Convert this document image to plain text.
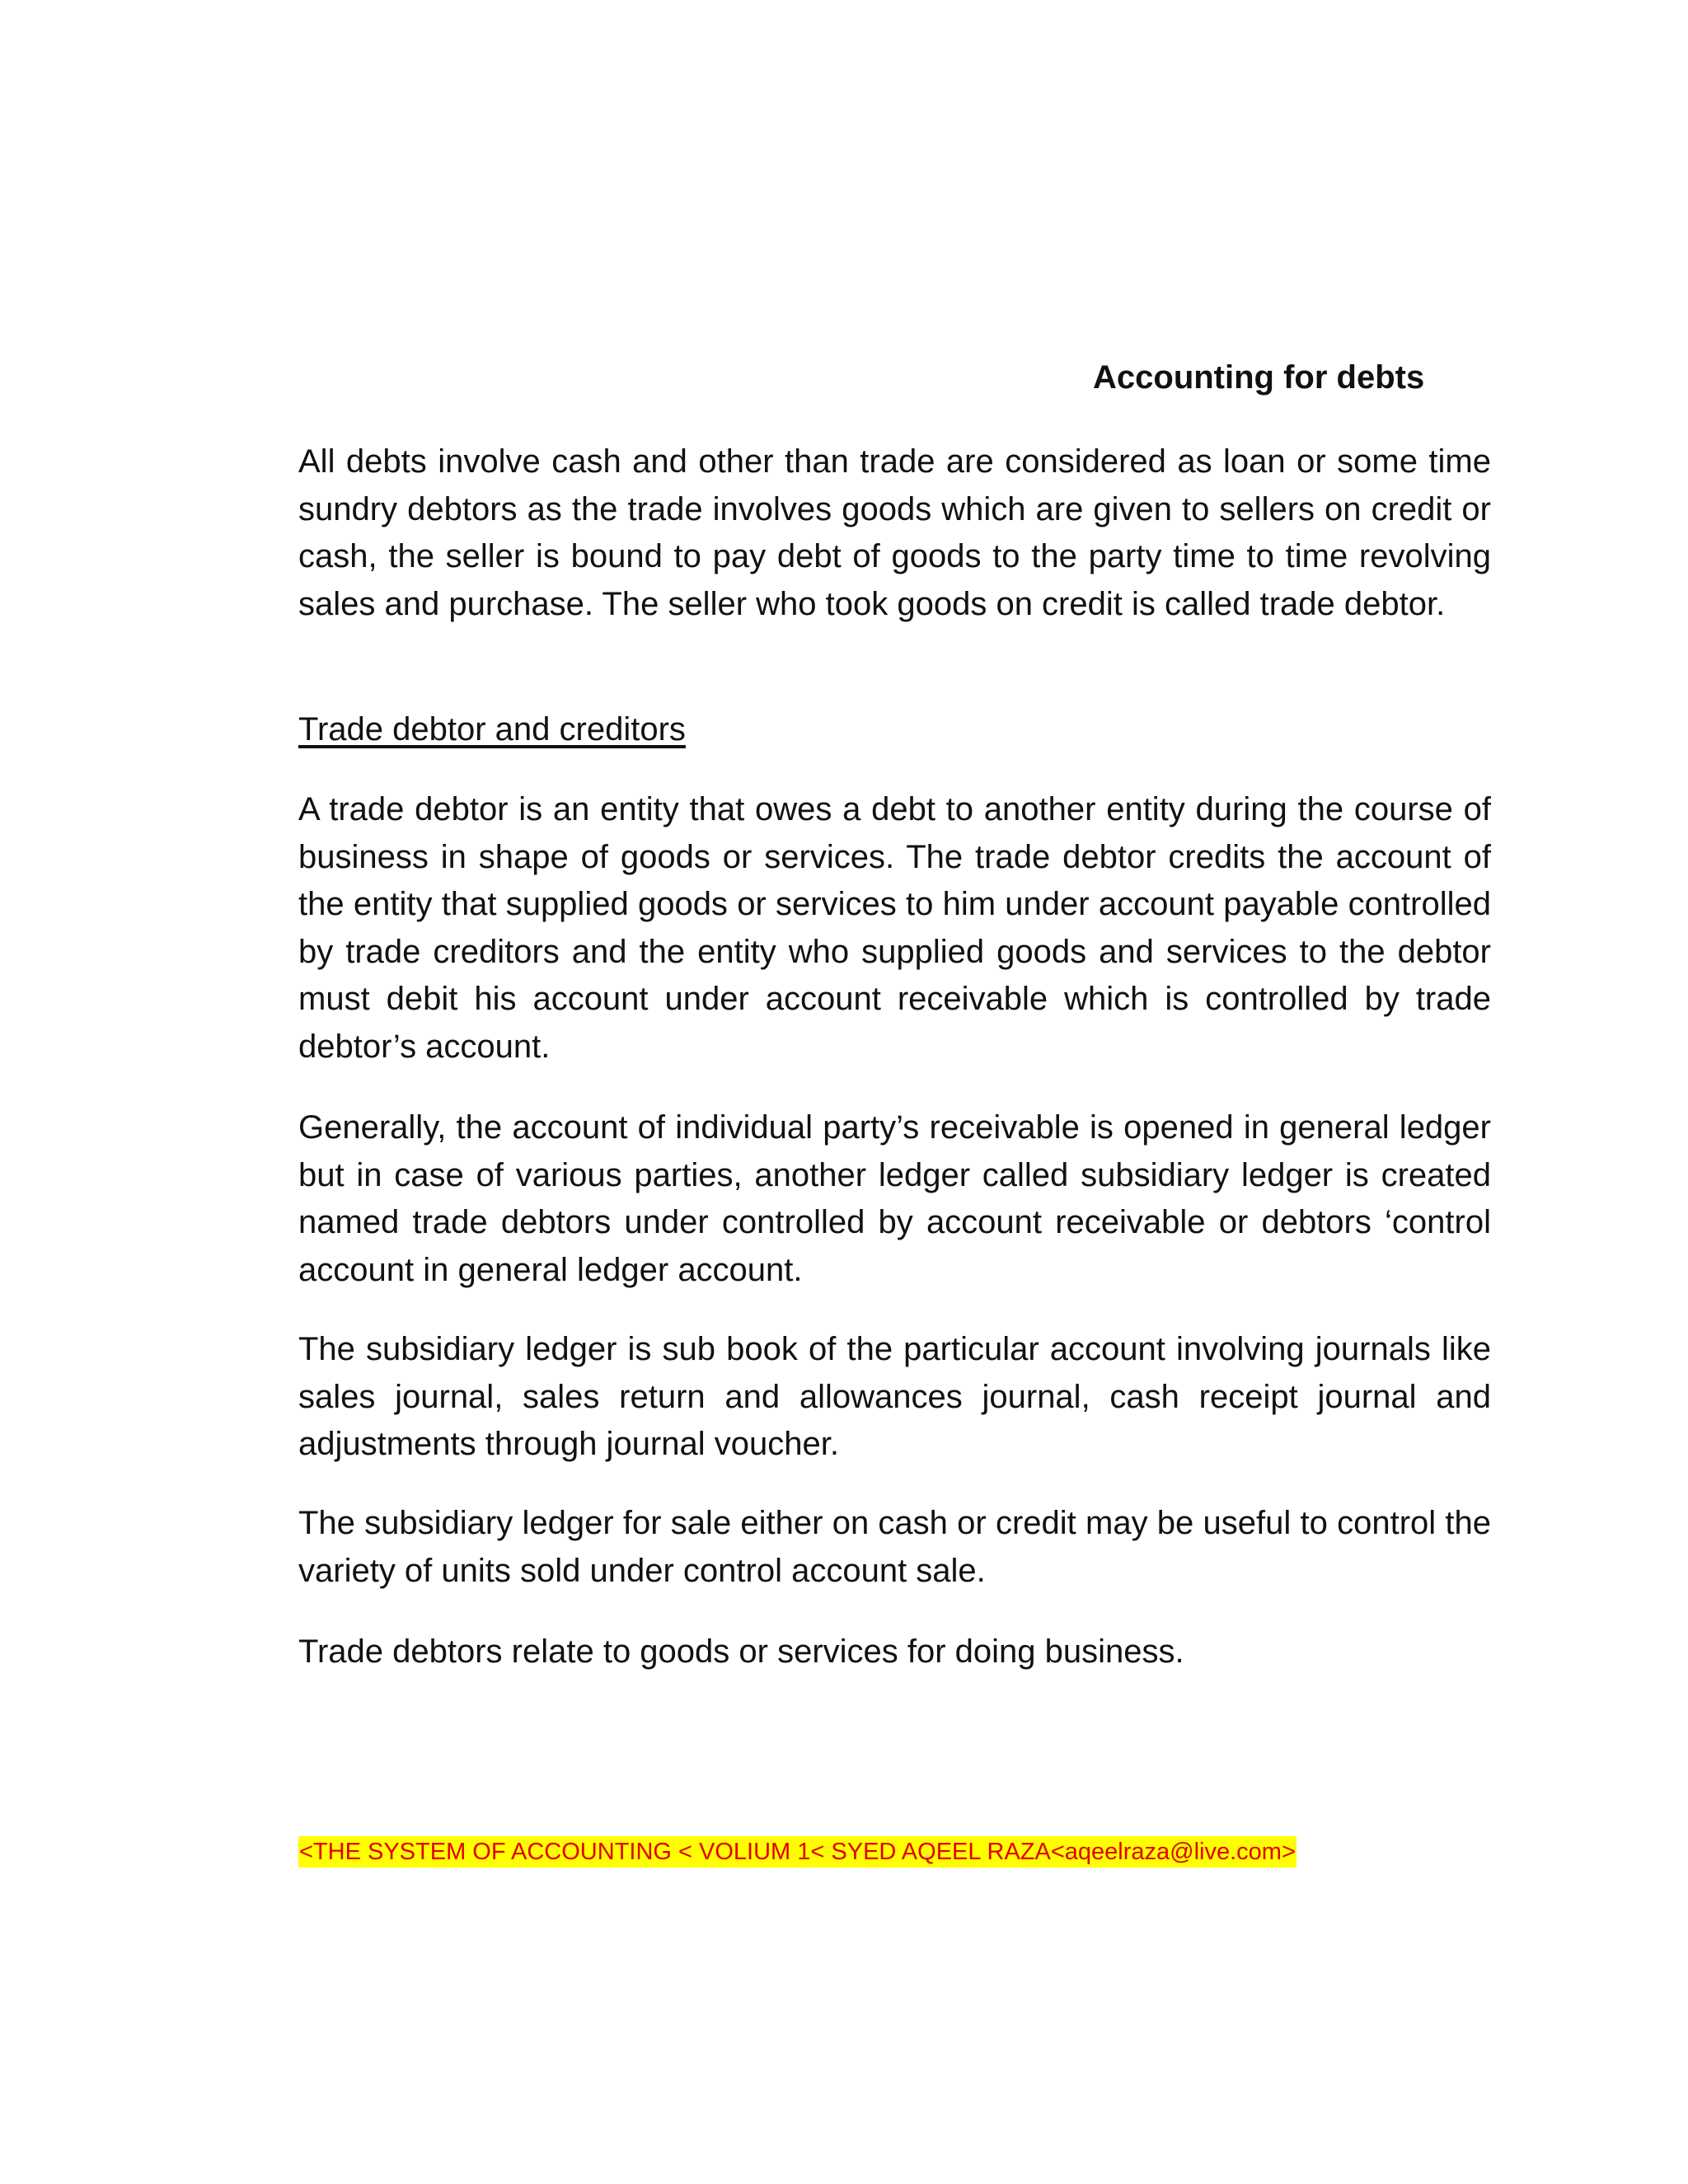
Accounting for debts

All debts involve cash and other than trade are considered as loan or some time sundry debtors as the trade involves goods which are given to sellers on credit or cash, the seller is bound to pay debt of goods to the party time to time revolving sales and purchase. The seller who took goods on credit is called trade debtor.

Trade debtor and creditors

A trade debtor is an entity that owes a debt to another entity during the course of business in shape of goods or services. The trade debtor credits the account of the entity that supplied goods or services to him under account payable controlled by trade creditors and the entity who supplied goods and services to the debtor must debit his account under account receivable which is controlled by trade debtor’s account.

Generally, the account of individual party’s receivable is opened in general ledger but in case of various parties, another ledger called subsidiary ledger is created named trade debtors under controlled by account receivable or debtors ‘control account in general ledger account.

The subsidiary ledger is sub book of the particular account involving journals like sales journal, sales return and allowances journal, cash receipt journal and adjustments through journal voucher.

The subsidiary ledger for sale either on cash or credit may be useful to control the variety of units sold under control account sale.

Trade debtors relate to goods or services for doing business.

<THE SYSTEM OF ACCOUNTING < VOLIUM 1< SYED AQEEL RAZA<aqeelraza@live.com>
